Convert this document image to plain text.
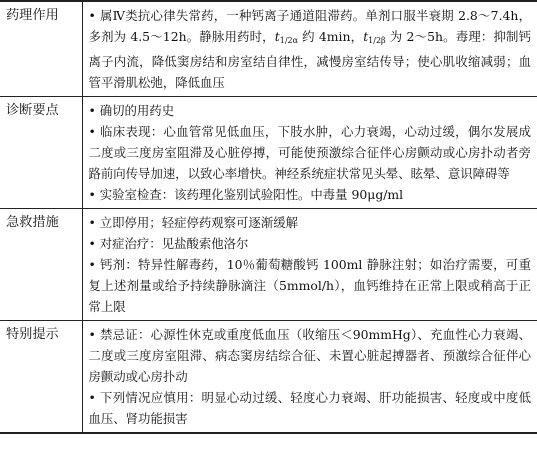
药理作用	• 属Ⅳ类抗心律失常药，一种钙离子通道阻滞药。单剂口服半衰期 2.8～7.4h，多剂为 4.5～12h。静脉用药时，$t_{1/2\alpha}$ 约 4min，$t_{1/2\beta}$ 为 2～5h。毒理：抑制钙离子内流，降低窦房结和房室结自律性，减慢房室结传导；使心肌收缩减弱；血管平滑肌松弛，降低血压

诊断要点	• 确切的用药史

• 临床表现：心血管常见低血压，下肢水肿，心力衰竭，心动过缓，偶尔发展成二度或三度房室阻滞及心脏停搏，可能使预激综合征伴心房颤动或心房扑动者旁路前向传导加速，以致心率增快。神经系统症状常见头晕、眩晕、意识障碍等

• 实验室检查：该药理化鉴别试验阳性。中毒量 90μg/ml

急救措施	• 立即停用；轻症停药观察可逐渐缓解

• 对症治疗：见盐酸索他洛尔

• 钙剂：特异性解毒药，10％葡萄糖酸钙 100ml 静脉注射；如治疗需要，可重复上述剂量或给予持续静脉滴注（5mmol/h），血钙维持在正常上限或稍高于正常上限

特别提示	• 禁忌证：心源性休克或重度低血压（收缩压＜90mmHg）、充血性心力衰竭、二度或三度房室阻滞、病态窦房结综合征、未置心脏起搏器者、预激综合征伴心房颤动或心房扑动

• 下列情况应慎用：明显心动过缓、轻度心力衰竭、肝功能损害、轻度或中度低血压、肾功能损害
